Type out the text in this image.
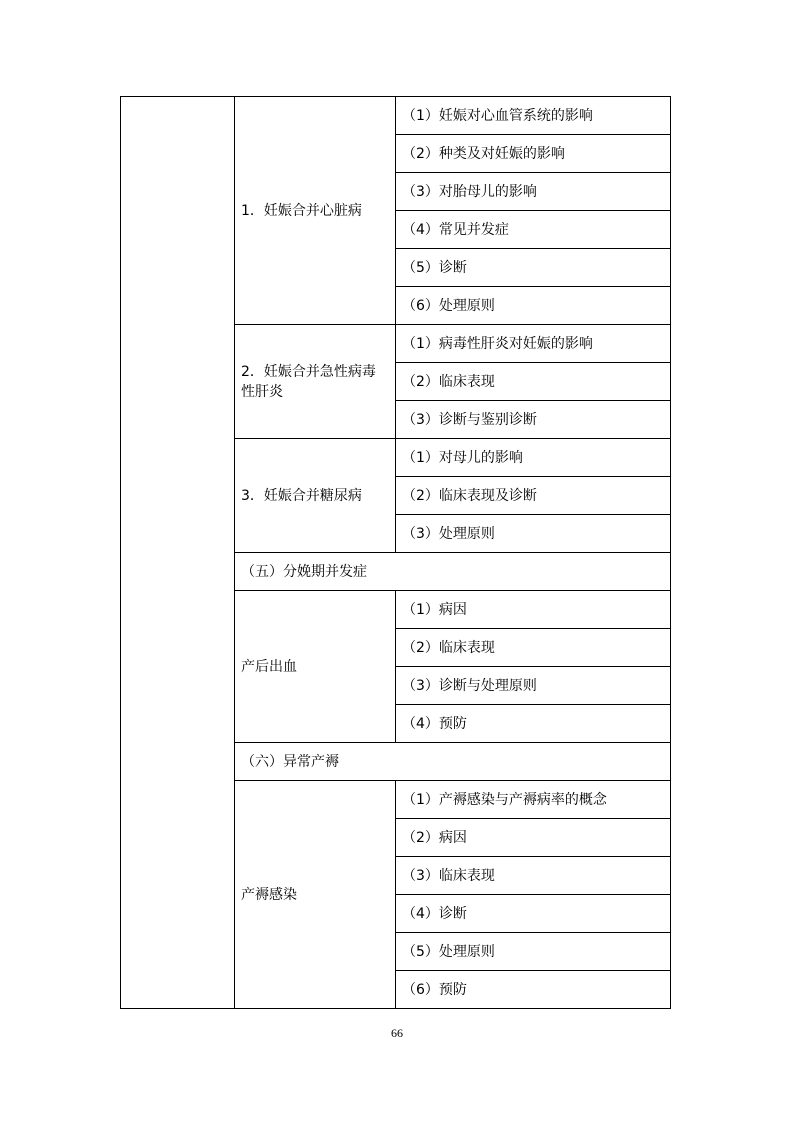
	1．妊娠合并心脏病	（1）妊娠对心血管系统的影响
		（2）种类及对妊娠的影响
		（3）对胎母儿的影响
		（4）常见并发症
		（5）诊断
		（6）处理原则
	2．妊娠合并急性病毒性肝炎	（1）病毒性肝炎对妊娠的影响
		（2）临床表现
		（3）诊断与鉴别诊断
	3．妊娠合并糖尿病	（1）对母儿的影响
		（2）临床表现及诊断
		（3）处理原则
	（五）分娩期并发症	
	产后出血	（1）病因
		（2）临床表现
		（3）诊断与处理原则
		（4）预防
	（六）异常产褥	
	产褥感染	（1）产褥感染与产褥病率的概念
		（2）病因
		（3）临床表现
		（4）诊断
		（5）处理原则
		（6）预防
66
